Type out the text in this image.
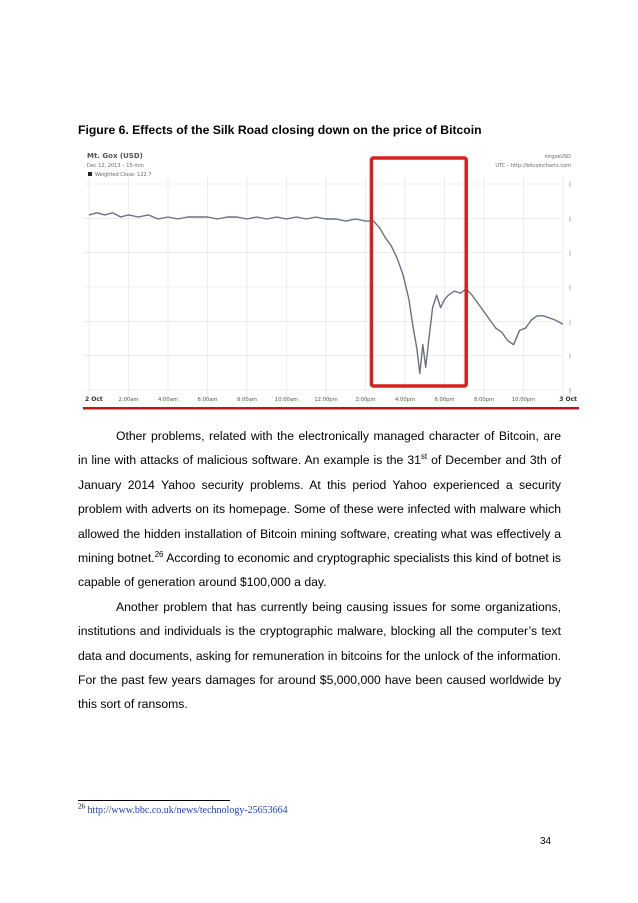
Figure 6. Effects of the Silk Road closing down on the price of Bitcoin
Mt. Gox (USD)
Dec 12, 2013 – 15-min
Weighted Close: 122.7
mtgoxUSD
UTC – http://bitcoincharts.com
|
|
|
|
|
|
|
2 Oct	2:00am	4:00am	6:00am	8:00am	10:00am	12:00pm	2:00pm	4:00pm	6:00pm	8:00pm	10:00pm	3 Oct

Other problems, related with the electronically managed character of Bitcoin, are in line with attacks of malicious software. An example is the 31st of December and 3th of January 2014 Yahoo security problems. At this period Yahoo experienced a security problem with adverts on its homepage. Some of these were infected with malware which allowed the hidden installation of Bitcoin mining software, creating what was effectively a mining botnet.$^{26}$ According to economic and cryptographic specialists this kind of botnet is capable of generation around $100,000 a day.

Another problem that has currently being causing issues for some organizations, institutions and individuals is the cryptographic malware, blocking all the computer’s text data and documents, asking for remuneration in bitcoins for the unlock of the information. For the past few years damages for around $5,000,000 have been caused worldwide by this sort of ransoms.

$^{26}$ http://www.bbc.co.uk/news/technology-25653664
34
